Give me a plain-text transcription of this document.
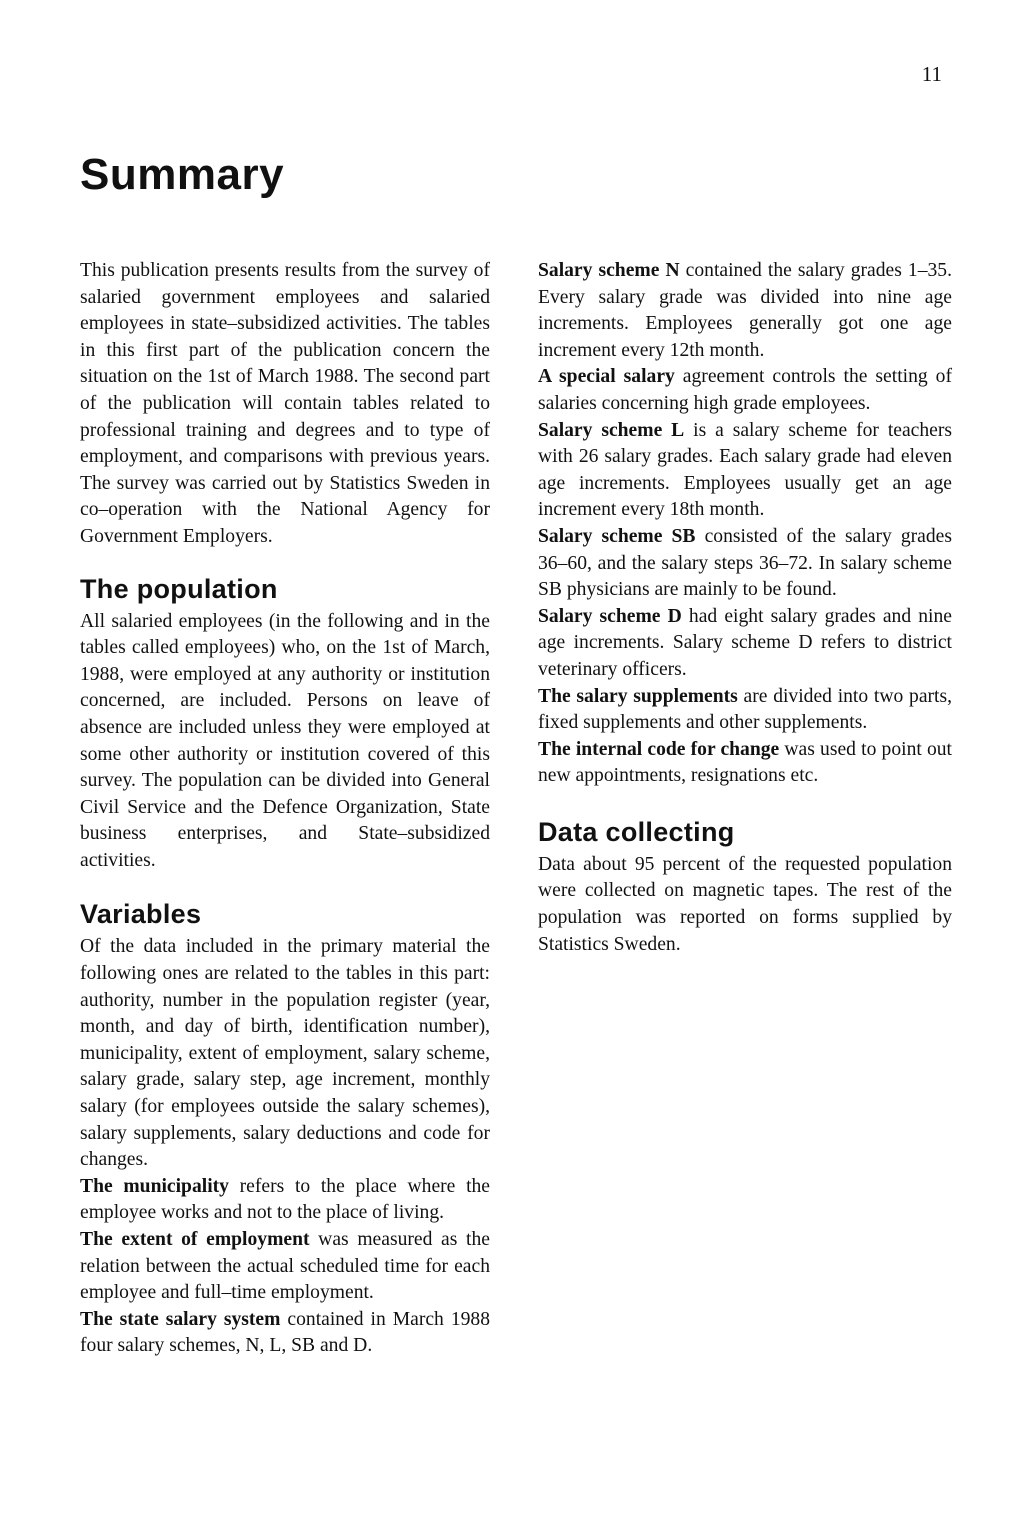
11
Summary

This publication presents results from the survey of salaried government employees and salaried employees in state–subsidized activities. The tables in this first part of the publication concern the situation on the 1st of March 1988. The second part of the publication will contain tables related to professional training and degrees and to type of employment, and comparisons with previous years. The survey was carried out by Statistics Sweden in co–operation with the National Agency for Government Employers.

The population

All salaried employees (in the following and in the tables called employees) who, on the 1st of March, 1988, were employed at any authority or institution concerned, are included. Persons on leave of absence are included unless they were employed at some other authority or institution covered of this survey. The population can be divided into General Civil Service and the Defence Organization, State business enterprises, and State–subsidized activities.

Variables

Of the data included in the primary material the following ones are related to the tables in this part: authority, number in the population register (year, month, and day of birth, identification number), municipality, extent of employment, salary scheme, salary grade, salary step, age increment, monthly salary (for employees outside the salary schemes), salary supplements, salary deductions and code for changes.

The municipality refers to the place where the employee works and not to the place of living.

The extent of employment was measured as the relation between the actual scheduled time for each employee and full–time employment.

The state salary system contained in March 1988 four salary schemes, N, L, SB and D.

Salary scheme N contained the salary grades 1–35. Every salary grade was divided into nine age increments. Employees generally got one age increment every 12th month.

A special salary agreement controls the setting of salaries concerning high grade employees.

Salary scheme L is a salary scheme for teachers with 26 salary grades. Each salary grade had eleven age increments. Employees usually get an age increment every 18th month.

Salary scheme SB consisted of the salary grades 36–60, and the salary steps 36–72. In salary scheme SB physicians are mainly to be found.

Salary scheme D had eight salary grades and nine age increments. Salary scheme D refers to district veterinary officers.

The salary supplements are divided into two parts, fixed supplements and other supplements.

The internal code for change was used to point out new appointments, resignations etc.

Data collecting

Data about 95 percent of the requested population were collected on magnetic tapes. The rest of the population was reported on forms supplied by Statistics Sweden.
